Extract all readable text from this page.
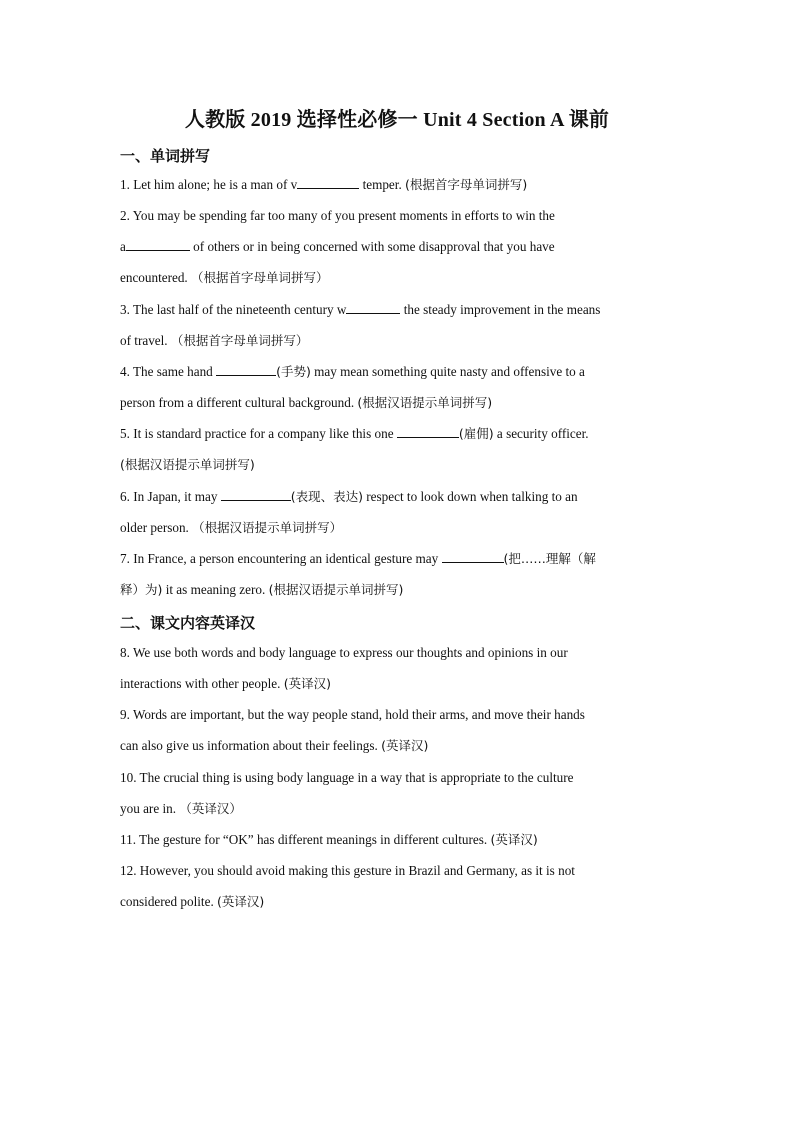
人教版 2019 选择性必修一 Unit 4 Section A 课前
一、单词拼写
1. Let him alone; he is a man of v	temper. (根据首字母单词拼写)
2. You may be spending far too many of you present moments in efforts to win the
a	of others or in being concerned with some disapproval that you have
encountered. （根据首字母单词拼写）
3. The last half of the nineteenth century w	the steady improvement in the means
of travel. （根据首字母单词拼写）
4. The same hand	(手势) may mean something quite nasty and offensive to a
person from a different cultural background. (根据汉语提示单词拼写)
5. It is standard practice for a company like this one	(雇佣) a security officer.
(根据汉语提示单词拼写)
6. In Japan, it may	(表现、表达) respect to look down when talking to an
older person. （根据汉语提示单词拼写）
7. In France, a person encountering an identical gesture may	(把……理解（解
释）为) it as meaning zero. (根据汉语提示单词拼写)
二、课文内容英译汉
8. We use both words and body language to express our thoughts and opinions in our
interactions with other people. (英译汉)
9. Words are important, but the way people stand, hold their arms, and move their hands
can also give us information about their feelings. (英译汉)
10. The crucial thing is using body language in a way that is appropriate to the culture
you are in. （英译汉）
11. The gesture for “OK” has different meanings in different cultures. (英译汉)
12. However, you should avoid making this gesture in Brazil and Germany, as it is not
considered polite. (英译汉)
